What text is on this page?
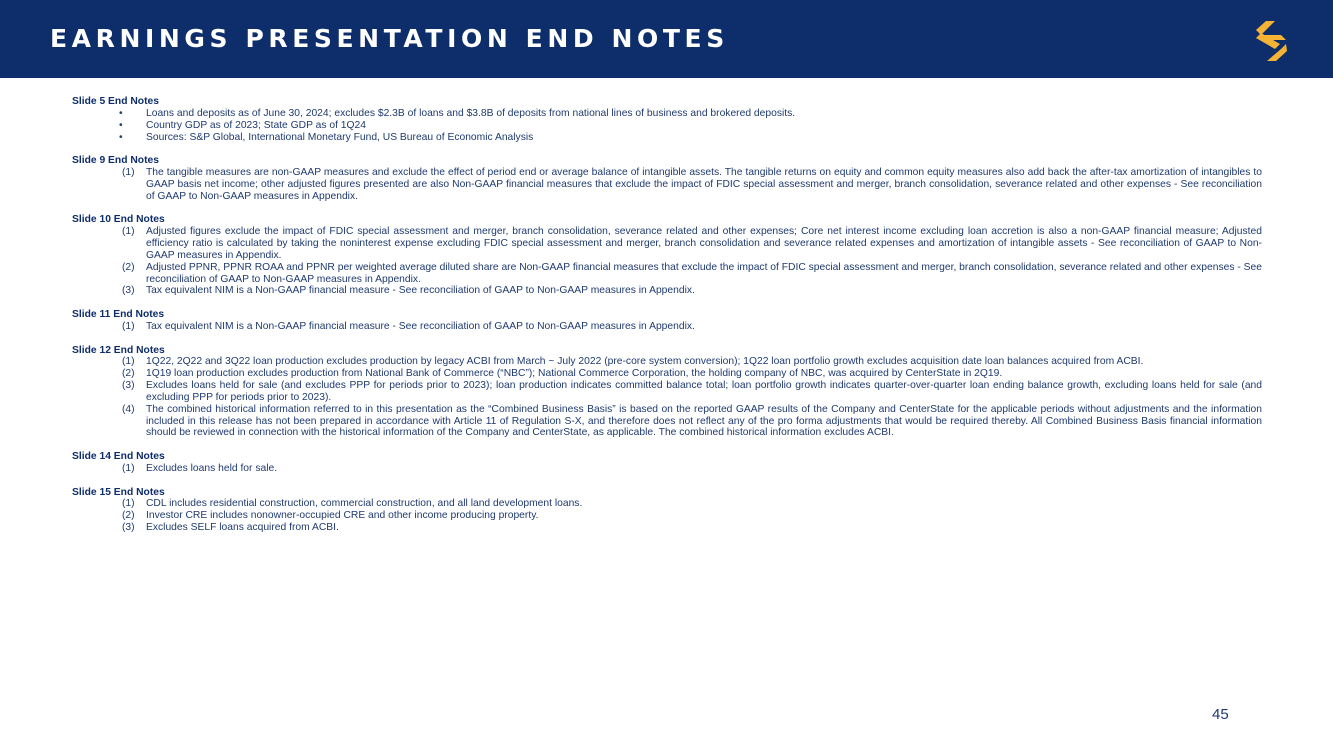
EARNINGS PRESENTATION END NOTES
Slide 5 End Notes
•	Loans and deposits as of June 30, 2024; excludes $2.3B of loans and $3.8B of deposits from national lines of business and brokered deposits.
•	Country GDP as of 2023; State GDP as of 1Q24
•	Sources: S&P Global, International Monetary Fund, US Bureau of Economic Analysis
Slide 9 End Notes
(1)	The tangible measures are non-GAAP measures and exclude the effect of period end or average balance of intangible assets. The tangible returns on equity and common equity measures also add back the after-tax amortization of intangibles to GAAP basis net income; other adjusted figures presented are also Non-GAAP financial measures that exclude the impact of FDIC special assessment and merger, branch consolidation, severance related and other expenses - See reconciliation of GAAP to Non-GAAP measures in Appendix.
Slide 10 End Notes
(1)	Adjusted figures exclude the impact of FDIC special assessment and merger, branch consolidation, severance related and other expenses; Core net interest income excluding loan accretion is also a non-GAAP financial measure; Adjusted efficiency ratio is calculated by taking the noninterest expense excluding FDIC special assessment and merger, branch consolidation and severance related expenses and amortization of intangible assets - See reconciliation of GAAP to Non-GAAP measures in Appendix.
(2)	Adjusted PPNR, PPNR ROAA and PPNR per weighted average diluted share are Non-GAAP financial measures that exclude the impact of FDIC special assessment and merger, branch consolidation, severance related and other expenses - See reconciliation of GAAP to Non-GAAP measures in Appendix.
(3)	Tax equivalent NIM is a Non-GAAP financial measure - See reconciliation of GAAP to Non-GAAP measures in Appendix.
Slide 11 End Notes
(1)	Tax equivalent NIM is a Non-GAAP financial measure - See reconciliation of GAAP to Non-GAAP measures in Appendix.
Slide 12 End Notes
(1)	1Q22, 2Q22 and 3Q22 loan production excludes production by legacy ACBI from March ~ July 2022 (pre-core system conversion); 1Q22 loan portfolio growth excludes acquisition date loan balances acquired from ACBI.
(2)	1Q19 loan production excludes production from National Bank of Commerce (“NBC”); National Commerce Corporation, the holding company of NBC, was acquired by CenterState in 2Q19.
(3)	Excludes loans held for sale (and excludes PPP for periods prior to 2023); loan production indicates committed balance total; loan portfolio growth indicates quarter-over-quarter loan ending balance growth, excluding loans held for sale (and excluding PPP for periods prior to 2023).
(4)	The combined historical information referred to in this presentation as the “Combined Business Basis” is based on the reported GAAP results of the Company and CenterState for the applicable periods without adjustments and the information included in this release has not been prepared in accordance with Article 11 of Regulation S-X, and therefore does not reflect any of the pro forma adjustments that would be required thereby. All Combined Business Basis financial information should be reviewed in connection with the historical information of the Company and CenterState, as applicable. The combined historical information excludes ACBI.
Slide 14 End Notes
(1)	Excludes loans held for sale.
Slide 15 End Notes
(1)	CDL includes residential construction, commercial construction, and all land development loans.
(2)	Investor CRE includes nonowner-occupied CRE and other income producing property.
(3)	Excludes SELF loans acquired from ACBI.
45
